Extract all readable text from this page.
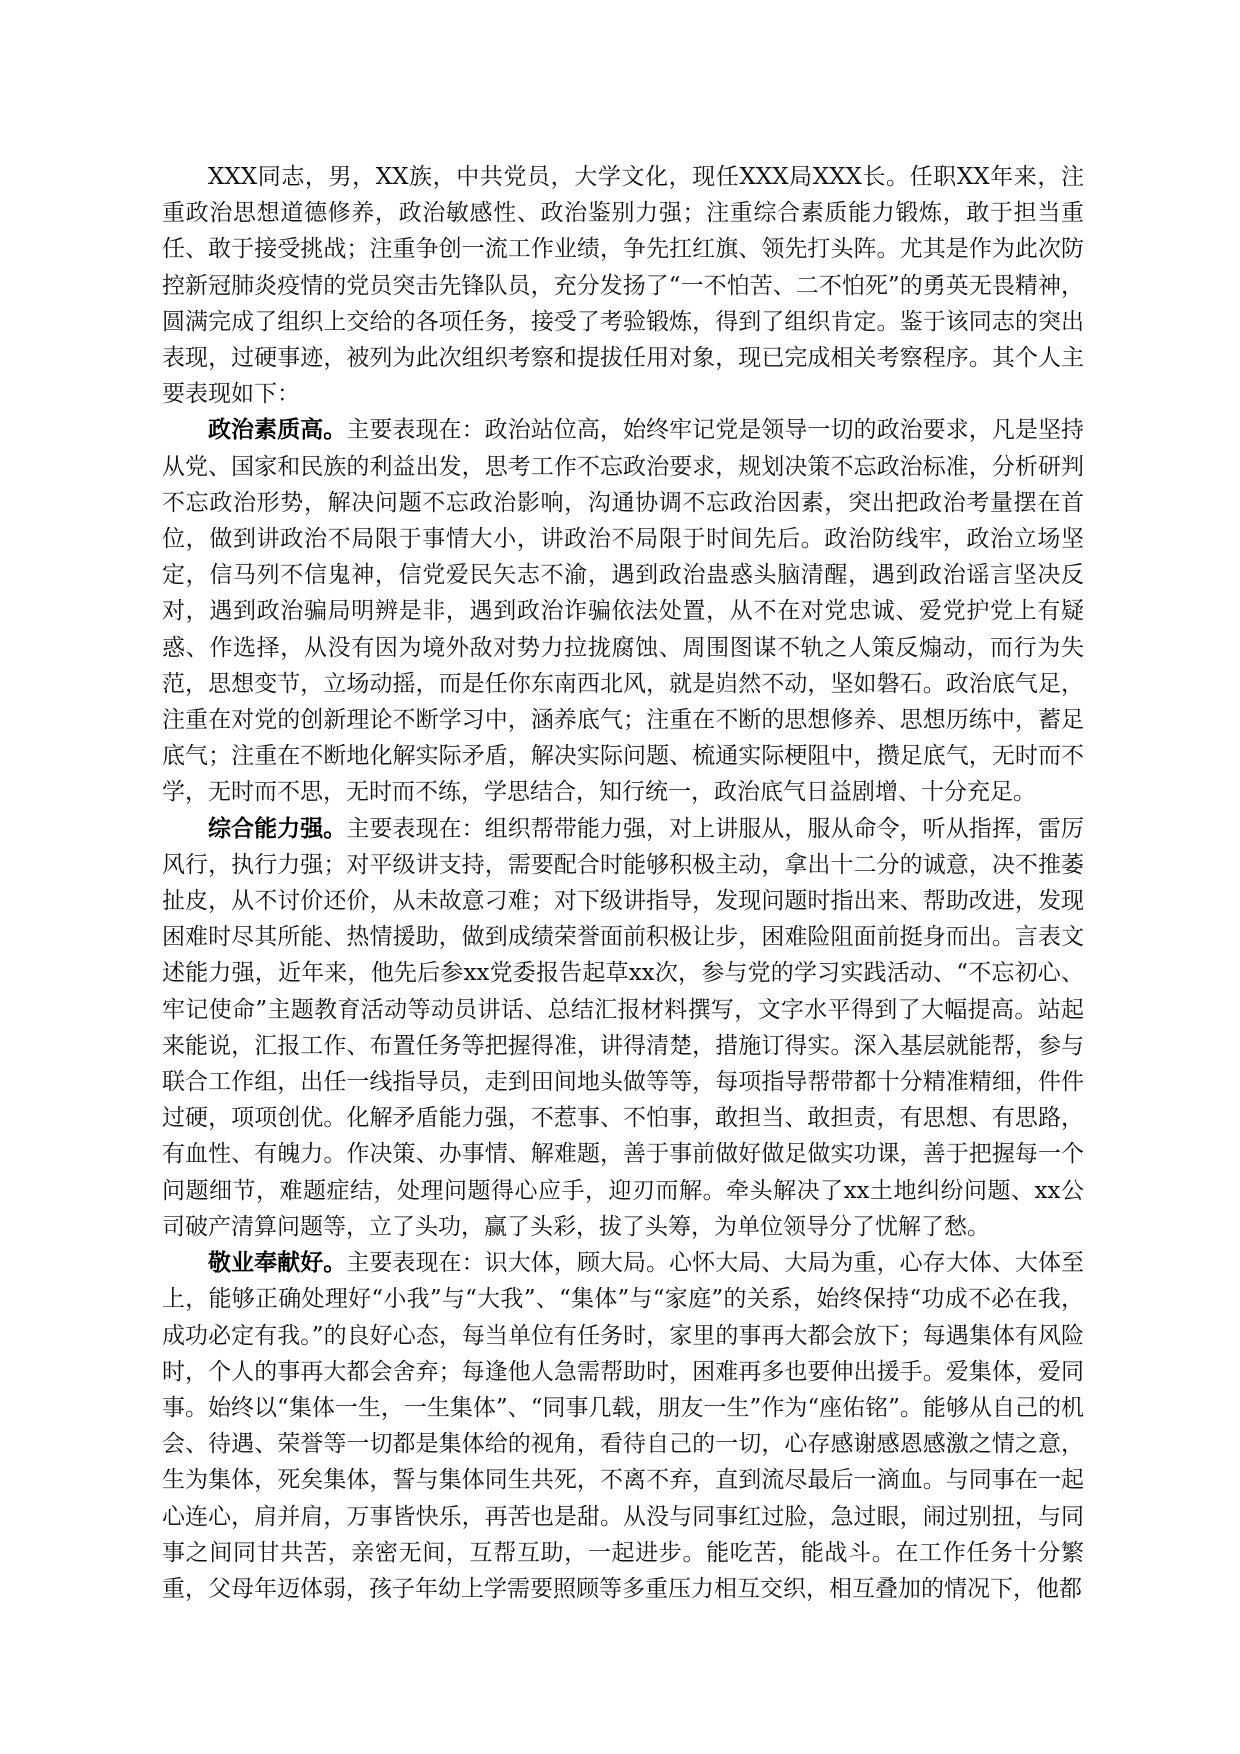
XXX同志，男，XX族，中共党员，大学文化，现任XXX局XXX长。任职XX年来，注重政治思想道德修养，政治敏感性、政治鉴别力强；注重综合素质能力锻炼，敢于担当重任、敢于接受挑战；注重争创一流工作业绩，争先扛红旗、领先打头阵。尤其是作为此次防控新冠肺炎疫情的党员突击先锋队员，充分发扬了“一不怕苦、二不怕死”的勇英无畏精神，圆满完成了组织上交给的各项任务，接受了考验锻炼，得到了组织肯定。鉴于该同志的突出表现，过硬事迹，被列为此次组织考察和提拔任用对象，现已完成相关考察程序。其个人主要表现如下：

政治素质高。主要表现在：政治站位高，始终牢记党是领导一切的政治要求，凡是坚持从党、国家和民族的利益出发，思考工作不忘政治要求，规划决策不忘政治标准，分析研判不忘政治形势，解决问题不忘政治影响，沟通协调不忘政治因素，突出把政治考量摆在首位，做到讲政治不局限于事情大小，讲政治不局限于时间先后。政治防线牢，政治立场坚定，信马列不信鬼神，信党爱民矢志不渝，遇到政治蛊惑头脑清醒，遇到政治谣言坚决反对，遇到政治骗局明辨是非，遇到政治诈骗依法处置，从不在对党忠诚、爱党护党上有疑惑、作选择，从没有因为境外敌对势力拉拢腐蚀、周围图谋不轨之人策反煽动，而行为失范，思想变节，立场动摇，而是任你东南西北风，就是岿然不动，坚如磐石。政治底气足，注重在对党的创新理论不断学习中，涵养底气；注重在不断的思想修养、思想历练中，蓄足底气；注重在不断地化解实际矛盾，解决实际问题、梳通实际梗阻中，攒足底气，无时而不学，无时而不思，无时而不练，学思结合，知行统一，政治底气日益剧增、十分充足。

综合能力强。主要表现在：组织帮带能力强，对上讲服从，服从命令，听从指挥，雷厉风行，执行力强；对平级讲支持，需要配合时能够积极主动，拿出十二分的诚意，决不推萎扯皮，从不讨价还价，从未故意刁难；对下级讲指导，发现问题时指出来、帮助改进，发现困难时尽其所能、热情援助，做到成绩荣誉面前积极让步，困难险阻面前挺身而出。言表文述能力强，近年来，他先后参xx党委报告起草xx次，参与党的学习实践活动、“不忘初心、牢记使命”主题教育活动等动员讲话、总结汇报材料撰写，文字水平得到了大幅提高。站起来能说，汇报工作、布置任务等把握得准，讲得清楚，措施订得实。深入基层就能帮，参与联合工作组，出任一线指导员，走到田间地头做等等，每项指导帮带都十分精准精细，件件过硬，项项创优。化解矛盾能力强，不惹事、不怕事，敢担当、敢担责，有思想、有思路，有血性、有魄力。作决策、办事情、解难题，善于事前做好做足做实功课，善于把握每一个问题细节，难题症结，处理问题得心应手，迎刃而解。牵头解决了xx土地纠纷问题、xx公司破产清算问题等，立了头功，赢了头彩，拔了头筹，为单位领导分了忧解了愁。

敬业奉献好。主要表现在：识大体，顾大局。心怀大局、大局为重，心存大体、大体至上，能够正确处理好“小我”与“大我”、“集体”与“家庭”的关系，始终保持“功成不必在我，成功必定有我。”的良好心态，每当单位有任务时，家里的事再大都会放下；每遇集体有风险时，个人的事再大都会舍弃；每逢他人急需帮助时，困难再多也要伸出援手。爱集体，爱同事。始终以“集体一生，一生集体”、“同事几载，朋友一生”作为“座佑铭”。能够从自己的机会、待遇、荣誉等一切都是集体给的视角，看待自己的一切，心存感谢感恩感激之情之意，生为集体，死矣集体，誓与集体同生共死，不离不弃，直到流尽最后一滴血。与同事在一起心连心，肩并肩，万事皆快乐，再苦也是甜。从没与同事红过脸，急过眼，闹过别扭，与同事之间同甘共苦，亲密无间，互帮互助，一起进步。能吃苦，能战斗。在工作任务十分繁重，父母年迈体弱，孩子年幼上学需要照顾等多重压力相互交织，相互叠加的情况下，他都
